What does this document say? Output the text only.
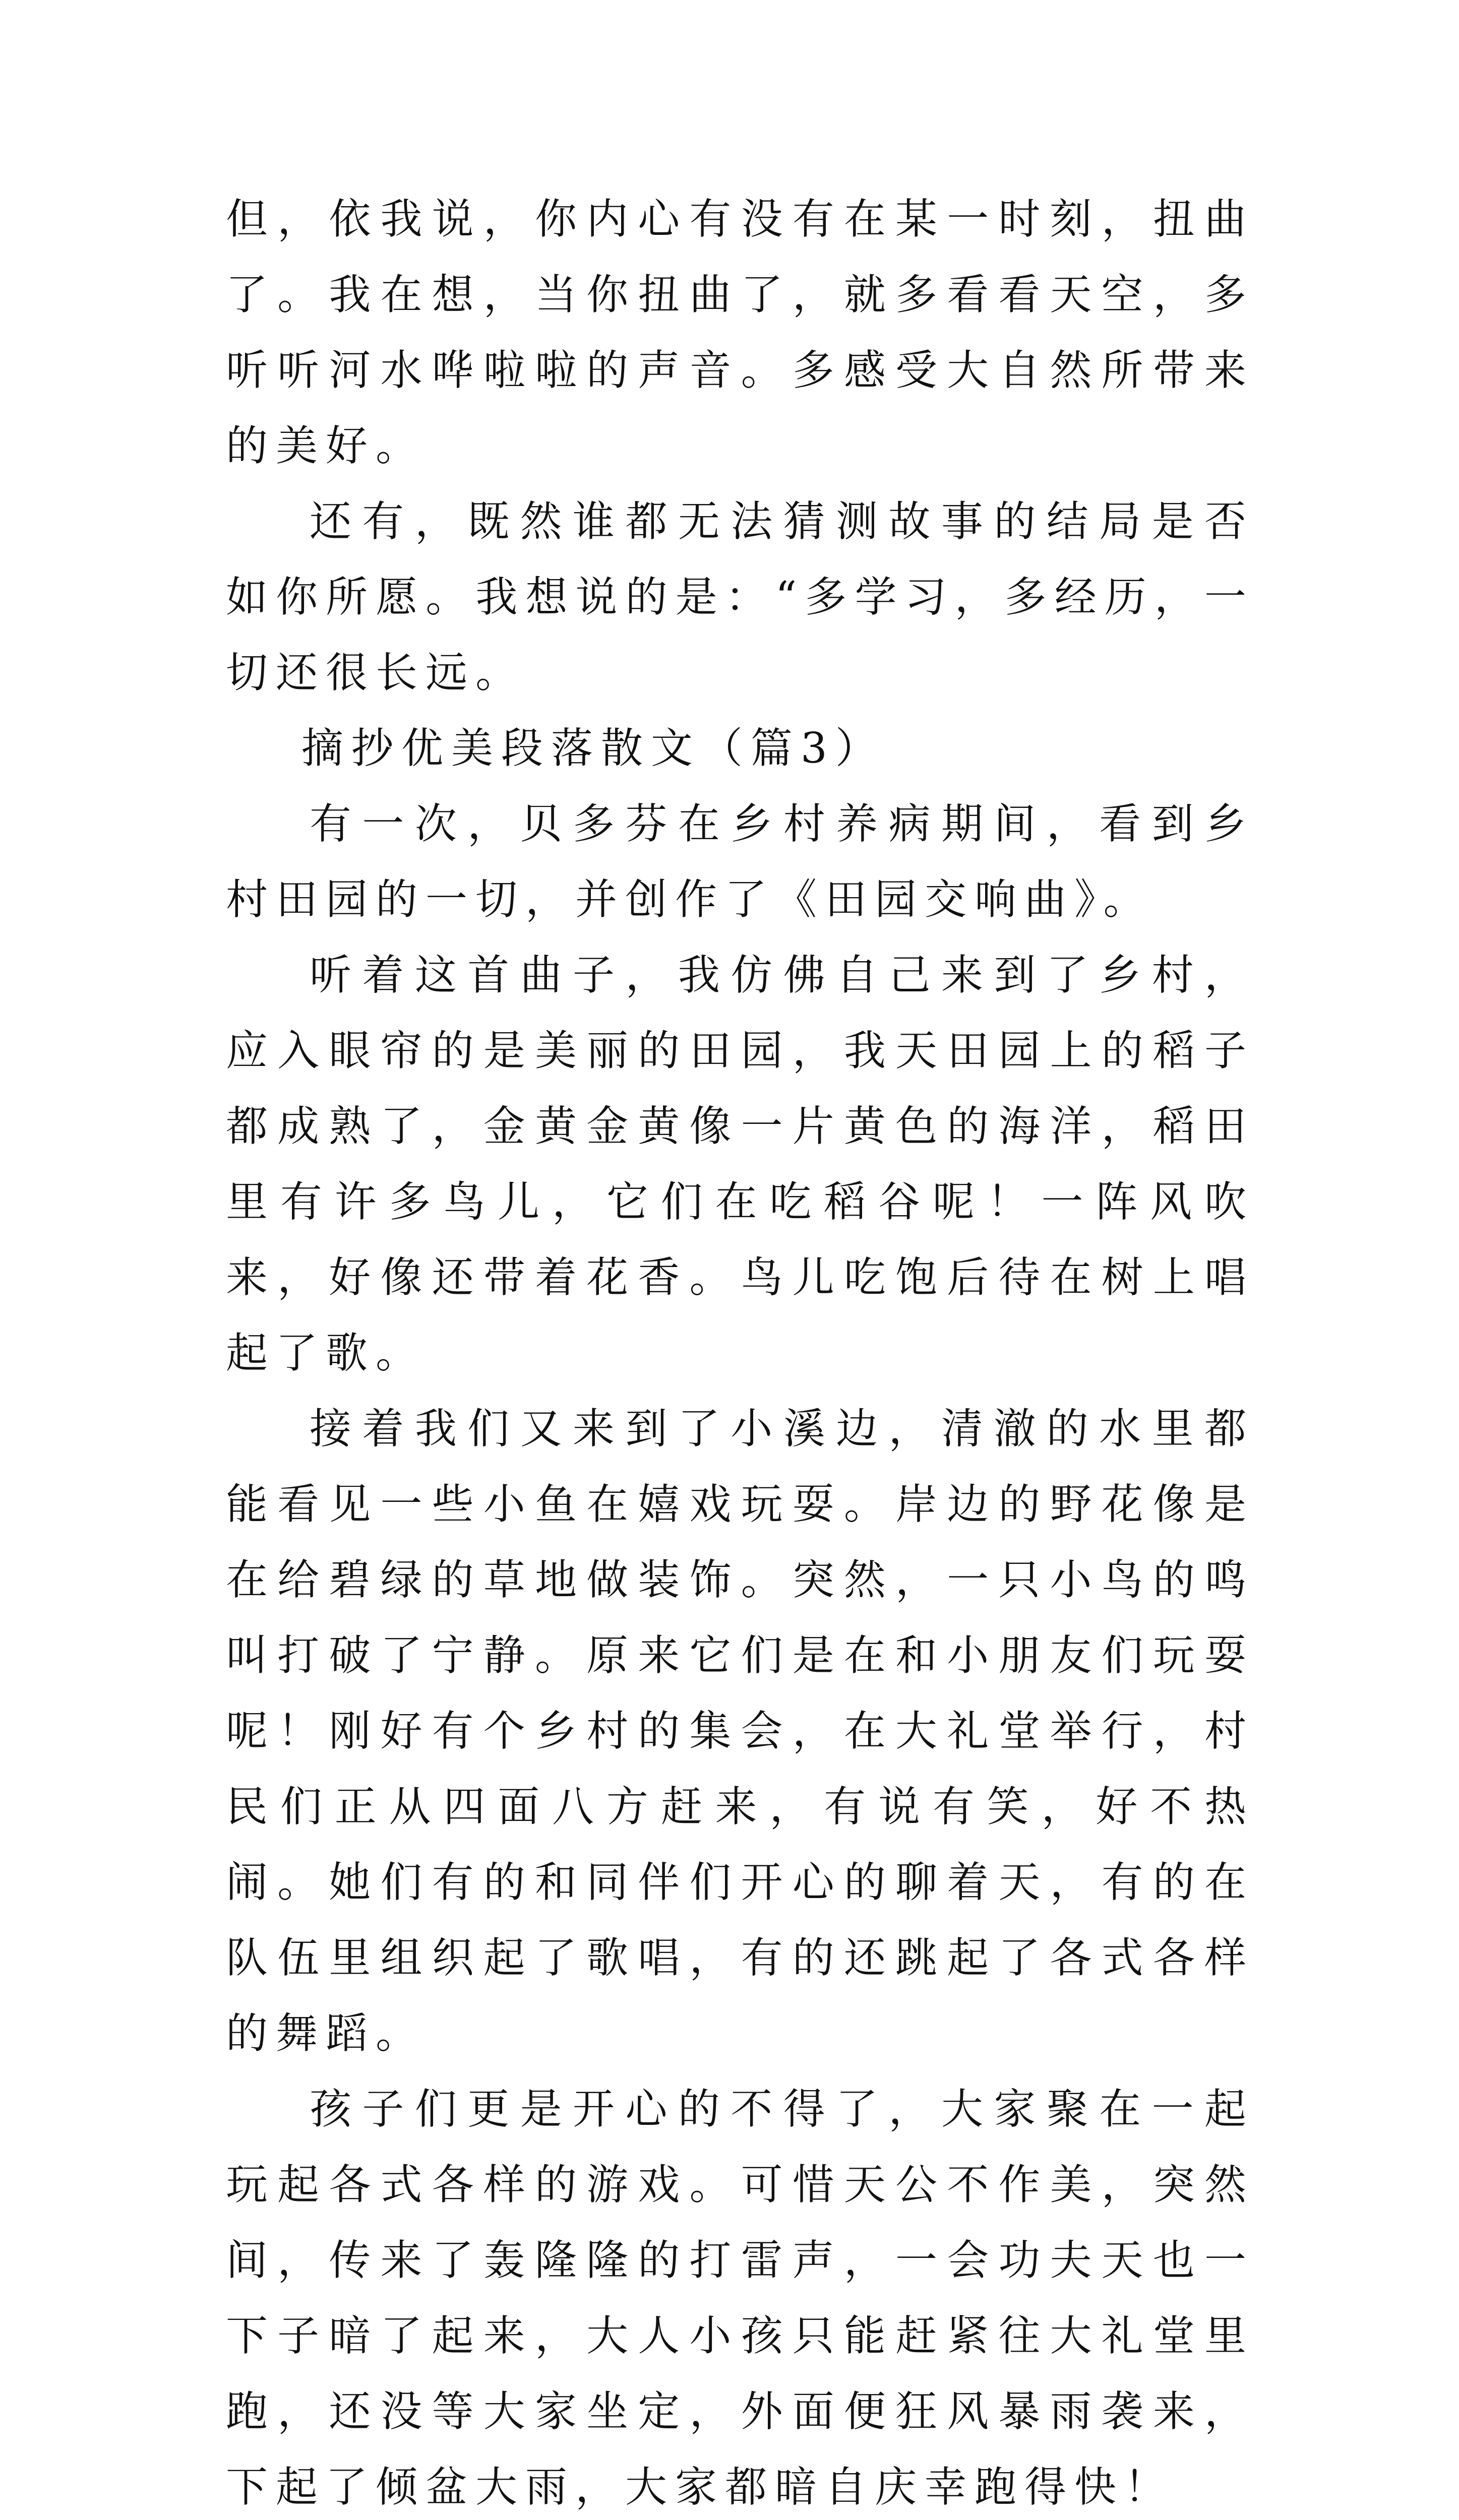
但，依我说，你内心有没有在某一时刻，扭曲了。我在想，当你扭曲了，就多看看天空，多听听河水哗啦啦的声音。多感受大自然所带来的美好。

还有，既然谁都无法猜测故事的结局是否如你所愿。我想说的是：“多学习，多经历，一切还很长远。

摘抄优美段落散文（篇3）

有一次，贝多芬在乡村养病期间，看到乡村田园的一切，并创作了《田园交响曲》。

听着这首曲子，我仿佛自己来到了乡村，应入眼帘的是美丽的田园，我天田园上的稻子都成熟了，金黄金黄像一片黄色的海洋，稻田里有许多鸟儿，它们在吃稻谷呢！一阵风吹来，好像还带着花香。鸟儿吃饱后待在树上唱起了歌。

接着我们又来到了小溪边，清澈的水里都能看见一些小鱼在嬉戏玩耍。岸边的野花像是在给碧绿的草地做装饰。突然，一只小鸟的鸣叫打破了宁静。原来它们是在和小朋友们玩耍呢！刚好有个乡村的集会，在大礼堂举行，村民们正从四面八方赶来，有说有笑，好不热闹。她们有的和同伴们开心的聊着天，有的在队伍里组织起了歌唱，有的还跳起了各式各样的舞蹈。

孩子们更是开心的不得了，大家聚在一起玩起各式各样的游戏。可惜天公不作美，突然间，传来了轰隆隆的打雷声，一会功夫天也一下子暗了起来，大人小孩只能赶紧往大礼堂里跑，还没等大家坐定，外面便狂风暴雨袭来，下起了倾盆大雨，大家都暗自庆幸跑得快！
